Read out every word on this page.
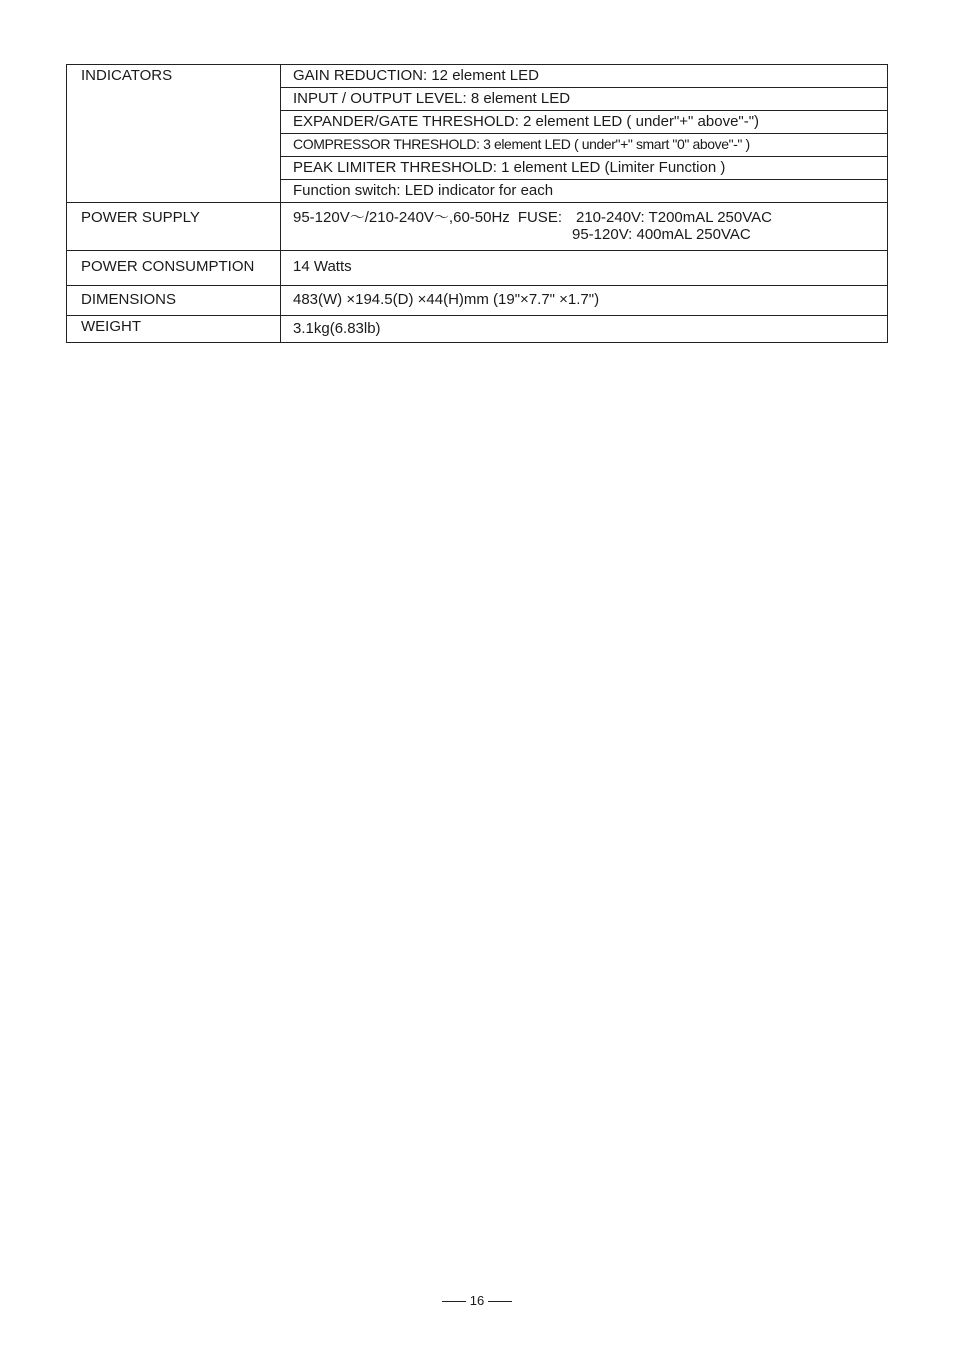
INDICATORS	GAIN REDUCTION: 12 element LED
	INPUT / OUTPUT LEVEL: 8 element LED
	EXPANDER/GATE THRESHOLD: 2 element LED ( under"+" above"-")
	COMPRESSOR THRESHOLD: 3 element LED ( under"+" smart "0" above"-" )
	PEAK LIMITER THRESHOLD: 1 element LED (Limiter Function )
	Function switch: LED indicator for each
POWER SUPPLY	95-120V～/210-240V～,60-50Hz FUSE: 210-240V: T200mAL 250VAC
95-120V: 400mAL 250VAC

POWER CONSUMPTION	14 Watts
DIMENSIONS	483(W) ×194.5(D) ×44(H)mm (19"×7.7" ×1.7")
WEIGHT	3.1kg(6.83lb)
16
